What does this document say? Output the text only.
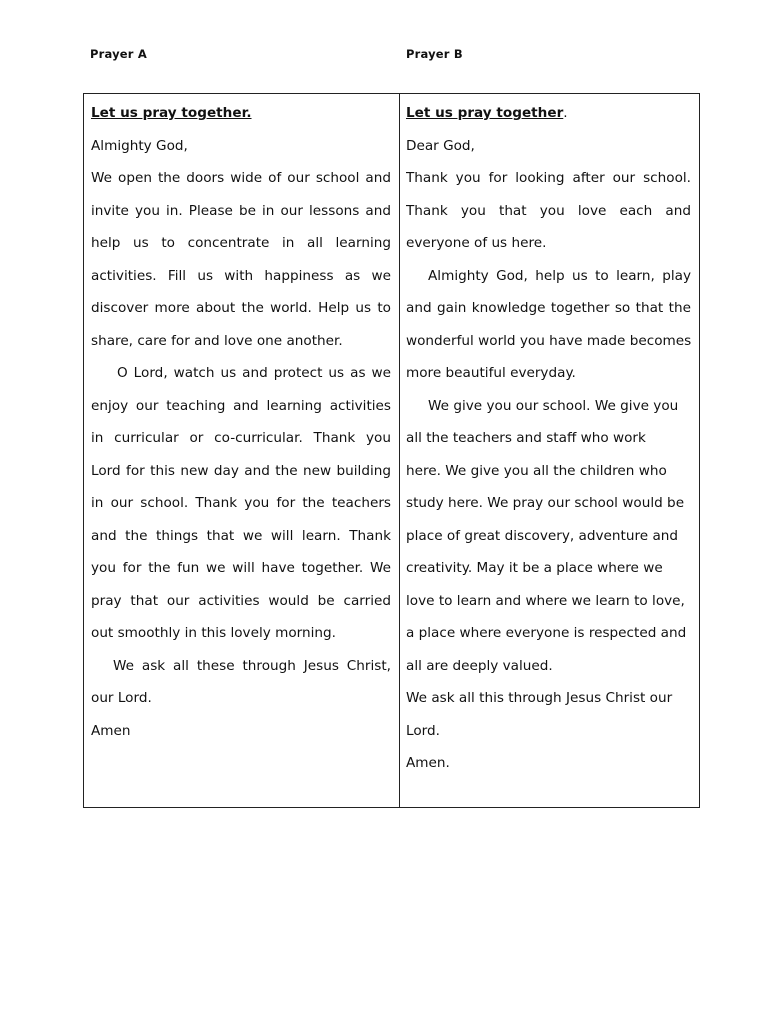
Prayer A	Prayer B
Let us pray together.
Almighty God,
We open the doors wide of our school and
invite you in. Please be in our lessons and
help us to concentrate in all learning
activities. Fill us with happiness as we
discover more about the world. Help us to
share, care for and love one another.
O Lord, watch us and protect us as we
enjoy our teaching and learning activities
in curricular or co-curricular. Thank you
Lord for this new day and the new building
in our school. Thank you for the teachers
and the things that we will learn. Thank
you for the fun we will have together. We
pray that our activities would be carried
out smoothly in this lovely morning.
We ask all these through Jesus Christ,
our Lord.
Amen
Let us pray together.
Dear God,
Thank you for looking after our school.
Thank you that you love each and
everyone of us here.
Almighty God, help us to learn, play
and gain knowledge together so that the
wonderful world you have made becomes
more beautiful everyday.
We give you our school. We give you
all the teachers and staff who work
here. We give you all the children who
study here. We pray our school would be
place of great discovery, adventure and
creativity. May it be a place where we
love to learn and where we learn to love,
a place where everyone is respected and
all are deeply valued.
We ask all this through Jesus Christ our
Lord.
Amen.
